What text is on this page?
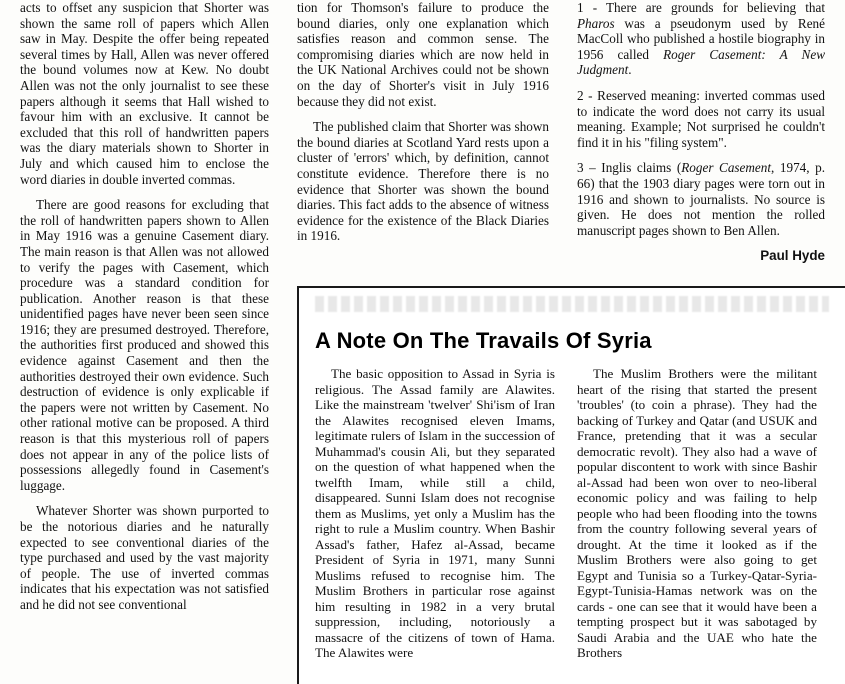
acts to offset any suspicion that Shorter was shown the same roll of papers which Allen saw in May. Despite the offer being repeated several times by Hall, Allen was never offered the bound volumes now at Kew. No doubt Allen was not the only journalist to see these papers although it seems that Hall wished to favour him with an exclusive. It cannot be excluded that this roll of handwritten papers was the diary materials shown to Shorter in July and which caused him to enclose the word diaries in double inverted commas.

There are good reasons for excluding that the roll of handwritten papers shown to Allen in May 1916 was a genuine Casement diary. The main reason is that Allen was not allowed to verify the pages with Casement, which procedure was a standard condition for publication. Another reason is that these unidentified pages have never been seen since 1916; they are presumed destroyed. Therefore, the authorities first produced and showed this evidence against Casement and then the authorities destroyed their own evidence. Such destruction of evidence is only explicable if the papers were not written by Casement. No other rational motive can be proposed. A third reason is that this mysterious roll of papers does not appear in any of the police lists of possessions allegedly found in Casement's luggage.

Whatever Shorter was shown purported to be the notorious diaries and he naturally expected to see conventional diaries of the type purchased and used by the vast majority of people. The use of inverted commas indicates that his expectation was not satisfied and he did not see conventional

tion for Thomson's failure to produce the bound diaries, only one explanation which satisfies reason and common sense. The compromising diaries which are now held in the UK National Archives could not be shown on the day of Shorter's visit in July 1916 because they did not exist.

The published claim that Shorter was shown the bound diaries at Scotland Yard rests upon a cluster of 'errors' which, by definition, cannot constitute evidence. Therefore there is no evidence that Shorter was shown the bound diaries. This fact adds to the absence of witness evidence for the existence of the Black Diaries in 1916.

1 - There are grounds for believing that Pharos was a pseudonym used by René MacColl who published a hostile biography in 1956 called Roger Casement: A New Judgment.

2 - Reserved meaning: inverted commas used to indicate the word does not carry its usual meaning. Example; Not surprised he couldn't find it in his "filing system".

3 – Inglis claims (Roger Casement, 1974, p. 66) that the 1903 diary pages were torn out in 1916 and shown to journalists. No source is given. He does not mention the rolled manuscript pages shown to Ben Allen.

Paul Hyde

A Note On The Travails Of Syria

The basic opposition to Assad in Syria is religious. The Assad family are Alawites. Like the mainstream 'twelver' Shi'ism of Iran the Alawites recognised eleven Imams, legitimate rulers of Islam in the succession of Muhammad's cousin Ali, but they separated on the question of what happened when the twelfth Imam, while still a child, disappeared. Sunni Islam does not recognise them as Muslims, yet only a Muslim has the right to rule a Muslim country. When Bashir Assad's father, Hafez al-Assad, became President of Syria in 1971, many Sunni Muslims refused to recognise him. The Muslim Brothers in particular rose against him resulting in 1982 in a very brutal suppression, including, notoriously a massacre of the citizens of town of Hama. The Alawites were

The Muslim Brothers were the militant heart of the rising that started the present 'troubles' (to coin a phrase). They had the backing of Turkey and Qatar (and USUK and France, pretending that it was a secular democratic revolt). They also had a wave of popular discontent to work with since Bashir al-Assad had been won over to neo-liberal economic policy and was failing to help people who had been flooding into the towns from the country following several years of drought. At the time it looked as if the Muslim Brothers were also going to get Egypt and Tunisia so a Turkey-Qatar-Syria-Egypt-Tunisia-Hamas network was on the cards - one can see that it would have been a tempting prospect but it was sabotaged by Saudi Arabia and the UAE who hate the Brothers
